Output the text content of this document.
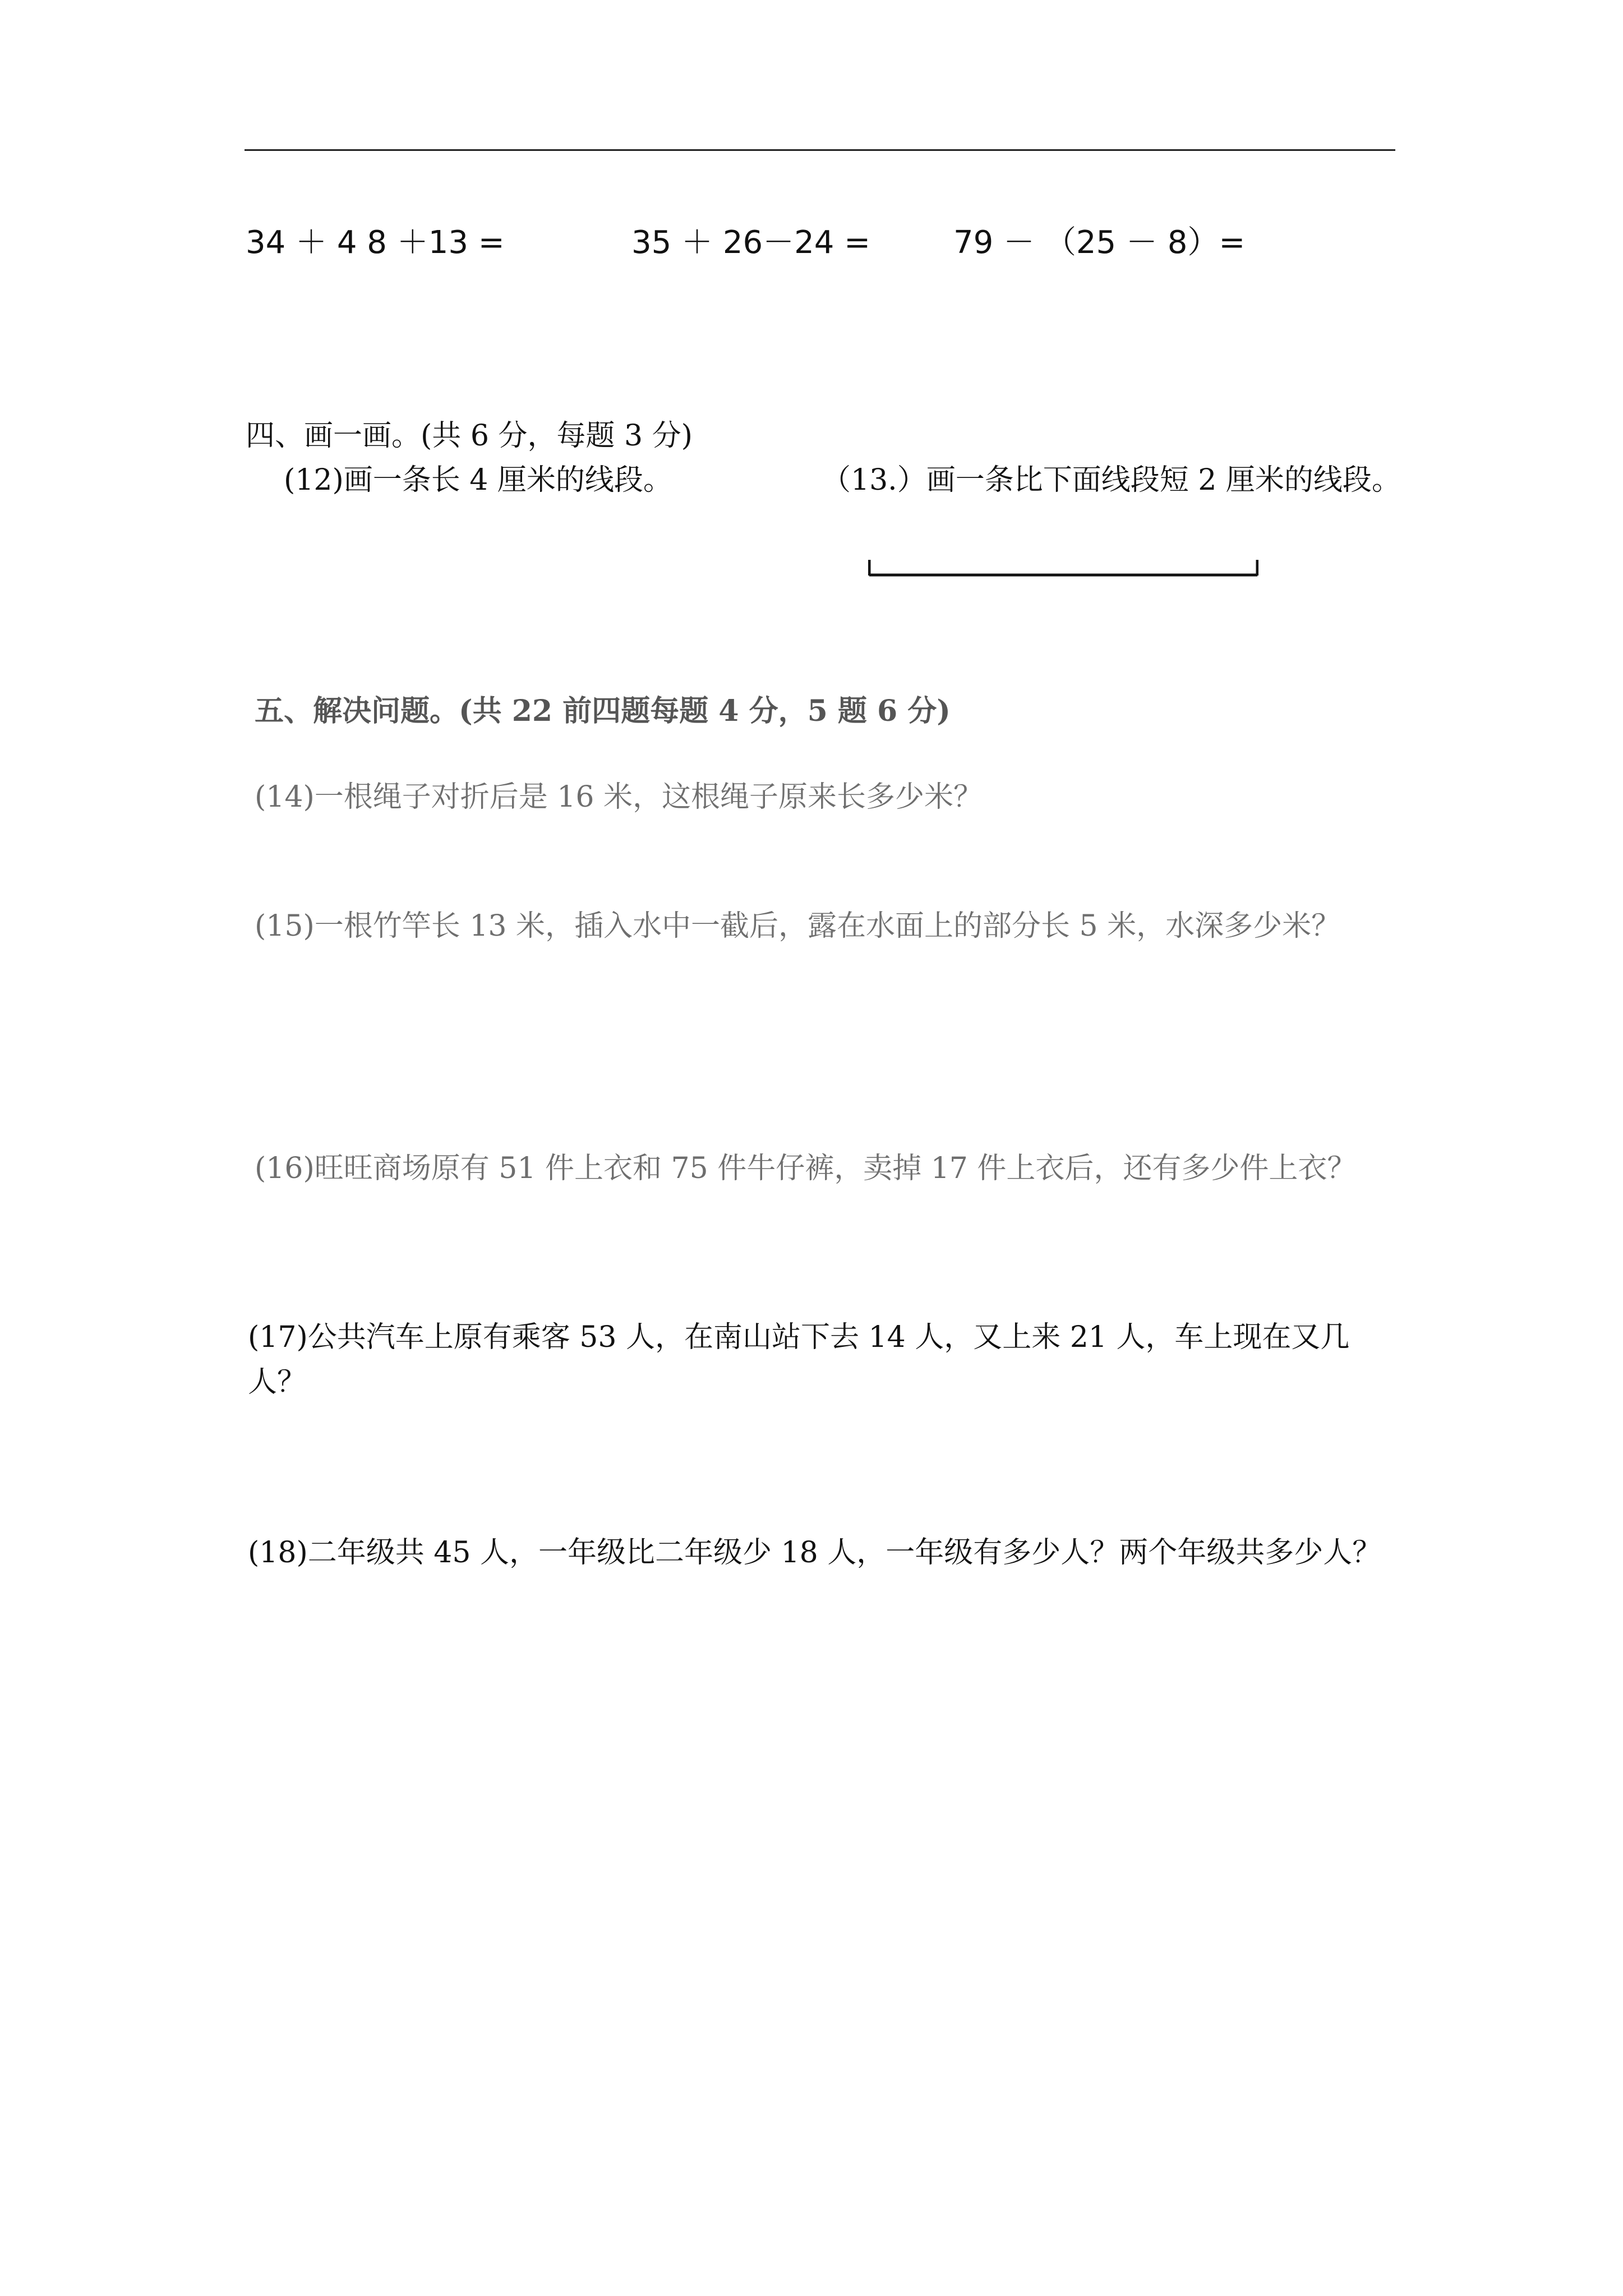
34 ＋ 4 8 ＋13 =	35 ＋ 26－24 =	79 － （25 － 8）=
四、画一画。(共 6 分，每题 3 分)
(12)画一条长 4 厘米的线段。	（13.）画一条比下面线段短 2 厘米的线段。
五、解决问题。(共 22 前四题每题 4 分，5 题 6 分)
(14)一根绳子对折后是 16 米，这根绳子原来长多少米？
(15)一根竹竿长 13 米，插入水中一截后，露在水面上的部分长 5 米，水深多少米？
(16)旺旺商场原有 51 件上衣和 75 件牛仔裤，卖掉 17 件上衣后，还有多少件上衣？
(17)公共汽车上原有乘客 53 人，在南山站下去 14 人，又上来 21 人，车上现在又几人？
(18)二年级共 45 人，一年级比二年级少 18 人，一年级有多少人？两个年级共多少人？
